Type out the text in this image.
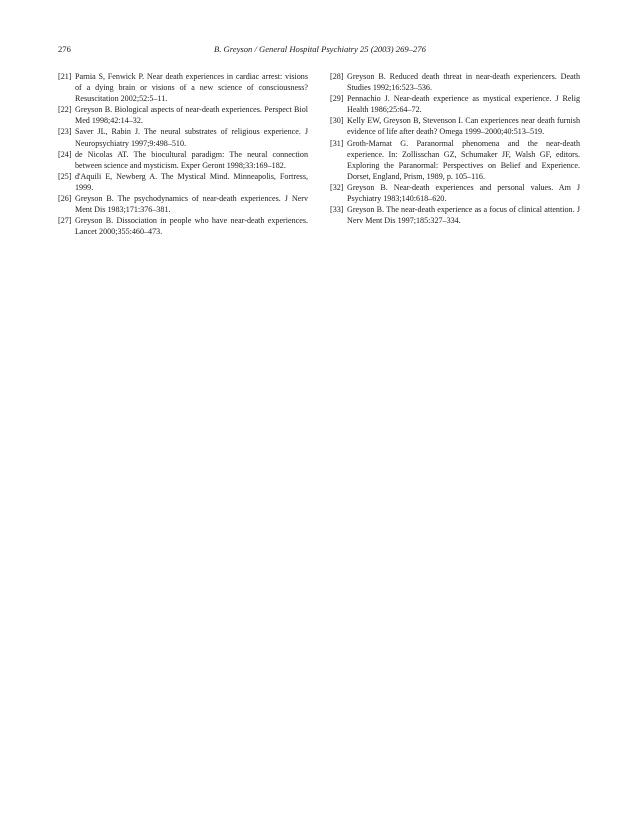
276	B. Greyson / General Hospital Psychiatry 25 (2003) 269–276
[21] Parnia S, Fenwick P. Near death experiences in cardiac arrest: visions of a dying brain or visions of a new science of consciousness? Resuscitation 2002;52:5–11.
[22] Greyson B. Biological aspects of near-death experiences. Perspect Biol Med 1998;42:14–32.
[23] Saver JL, Rabin J. The neural substrates of religious experience. J Neuropsychiatry 1997;9:498–510.
[24] de Nicolas AT. The biocultural paradigm: The neural connection between science and mysticism. Exper Geront 1998;33:169–182.
[25] d'Aquili E, Newberg A. The Mystical Mind. Minneapolis, Fortress, 1999.
[26] Greyson B. The psychodynamics of near-death experiences. J Nerv Ment Dis 1983;171:376–381.
[27] Greyson B. Dissociation in people who have near-death experiences. Lancet 2000;355:460–473.
[28] Greyson B. Reduced death threat in near-death experiencers. Death Studies 1992;16:523–536.
[29] Pennachio J. Near-death experience as mystical experience. J Relig Health 1986;25:64–72.
[30] Kelly EW, Greyson B, Stevenson I. Can experiences near death furnish evidence of life after death? Omega 1999–2000;40:513–519.
[31] Groth-Marnat G. Paranormal phenomena and the near-death experience. In: Zollisschan GZ, Schumaker JF, Walsh GF, editors. Exploring the Paranormal: Perspectives on Belief and Experience. Dorset, England, Prism, 1989, p. 105–116.
[32] Greyson B. Near-death experiences and personal values. Am J Psychiatry 1983;140:618–620.
[33] Greyson B. The near-death experience as a focus of clinical attention. J Nerv Ment Dis 1997;185:327–334.
